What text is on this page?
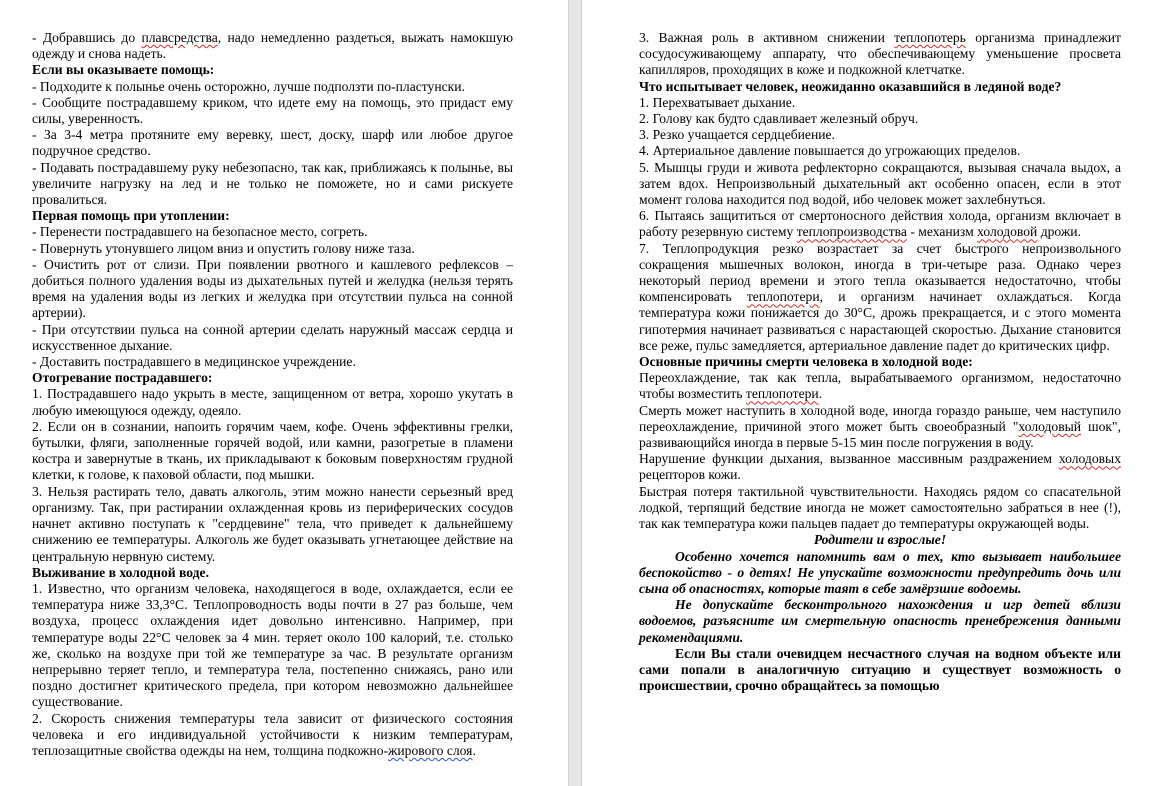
- Добравшись до плавсредства, надо немедленно раздеться, выжать намокшую одежду и снова надеть.

Если вы оказываете помощь:

- Подходите к полынье очень осторожно, лучше подползти по-пластунски.

- Сообщите пострадавшему криком, что идете ему на помощь, это придаст ему силы, уверенность.

- За 3-4 метра протяните ему веревку, шест, доску, шарф или любое другое подручное средство.

- Подавать пострадавшему руку небезопасно, так как, приближаясь к полынье, вы увеличите нагрузку на лед и не только не поможете, но и сами рискуете провалиться.

Первая помощь при утоплении:

- Перенести пострадавшего на безопасное место, согреть.

- Повернуть утонувшего лицом вниз и опустить голову ниже таза.

- Очистить рот от слизи. При появлении рвотного и кашлевого рефлексов – добиться полного удаления воды из дыхательных путей и желудка (нельзя терять время на удаления воды из легких и желудка при отсутствии пульса на сонной артерии).

- При отсутствии пульса на сонной артерии сделать наружный массаж сердца и искусственное дыхание.

- Доставить пострадавшего в медицинское учреждение.

Отогревание пострадавшего:

1. Пострадавшего надо укрыть в месте, защищенном от ветра, хорошо укутать в любую имеющуюся одежду, одеяло.

2. Если он в сознании, напоить горячим чаем, кофе. Очень эффективны грелки, бутылки, фляги, заполненные горячей водой, или камни, разогретые в пламени костра и завернутые в ткань, их прикладывают к боковым поверхностям грудной клетки, к голове, к паховой области, под мышки.

3. Нельзя растирать тело, давать алкоголь, этим можно нанести серьезный вред организму. Так, при растирании охлажденная кровь из периферических сосудов начнет активно поступать к "сердцевине" тела, что приведет к дальнейшему снижению ее температуры. Алкоголь же будет оказывать угнетающее действие на центральную нервную систему.

Выживание в холодной воде.

1. Известно, что организм человека, находящегося в воде, охлаждается, если ее температура ниже 33,3°С. Теплопроводность воды почти в 27 раз больше, чем воздуха, процесс охлаждения идет довольно интенсивно. Например, при температуре воды 22°С человек за 4 мин. теряет около 100 калорий, т.е. столько же, сколько на воздухе при той же температуре за час. В результате организм непрерывно теряет тепло, и температура тела, постепенно снижаясь, рано или поздно достигнет критического предела, при котором невозможно дальнейшее существование.

2. Скорость снижения температуры тела зависит от физического состояния человека и его индивидуальной устойчивости к низким температурам, теплозащитные свойства одежды на нем, толщина подкожно-жирового слоя.

3. Важная роль в активном снижении теплопотерь организма принадлежит сосудосуживающему аппарату, что обеспечивающему уменьшение просвета капилляров, проходящих в коже и подкожной клетчатке.

Что испытывает человек, неожиданно оказавшийся в ледяной воде?

1. Перехватывает дыхание.

2. Голову как будто сдавливает железный обруч.

3. Резко учащается сердцебиение.

4. Артериальное давление повышается до угрожающих пределов.

5. Мышцы груди и живота рефлекторно сокращаются, вызывая сначала выдох, а затем вдох. Непроизвольный дыхательный акт особенно опасен, если в этот момент голова находится под водой, ибо человек может захлебнуться.

6. Пытаясь защититься от смертоносного действия холода, организм включает в работу резервную систему теплопроизводства - механизм холодовой дрожи.

7. Теплопродукция резко возрастает за счет быстрого непроизвольного сокращения мышечных волокон, иногда в три-четыре раза. Однако через некоторый период времени и этого тепла оказывается недостаточно, чтобы компенсировать теплопотери, и организм начинает охлаждаться. Когда температура кожи понижается до 30°С, дрожь прекращается, и с этого момента гипотермия начинает развиваться с нарастающей скоростью. Дыхание становится все реже, пульс замедляется, артериальное давление падет до критических цифр.

Основные причины смерти человека в холодной воде:

Переохлаждение, так как тепла, вырабатываемого организмом, недостаточно чтобы возместить теплопотери.

Смерть может наступить в холодной воде, иногда гораздо раньше, чем наступило переохлаждение, причиной этого может быть своеобразный "холодовый шок", развивающийся иногда в первые 5-15 мин после погружения в воду.

Нарушение функции дыхания, вызванное массивным раздражением холодовых рецепторов кожи.

Быстрая потеря тактильной чувствительности. Находясь рядом со спасательной лодкой, терпящий бедствие иногда не может самостоятельно забраться в нее (!), так как температура кожи пальцев падает до температуры окружающей воды.

Родители и взрослые!

Особенно хочется напомнить вам о тех, кто вызывает наибольшее беспокойство - о детях! Не упускайте возможности предупредить дочь или сына об опасностях, которые таят в себе замёрзшие водоемы.

Не допускайте бесконтрольного нахождения и игр детей вблизи водоемов, разъясните им смертельную опасность пренебрежения данными рекомендациями.

Если Вы стали очевидцем несчастного случая на водном объекте или сами попали в аналогичную ситуацию и существует возможность о происшествии, срочно обращайтесь за помощью
